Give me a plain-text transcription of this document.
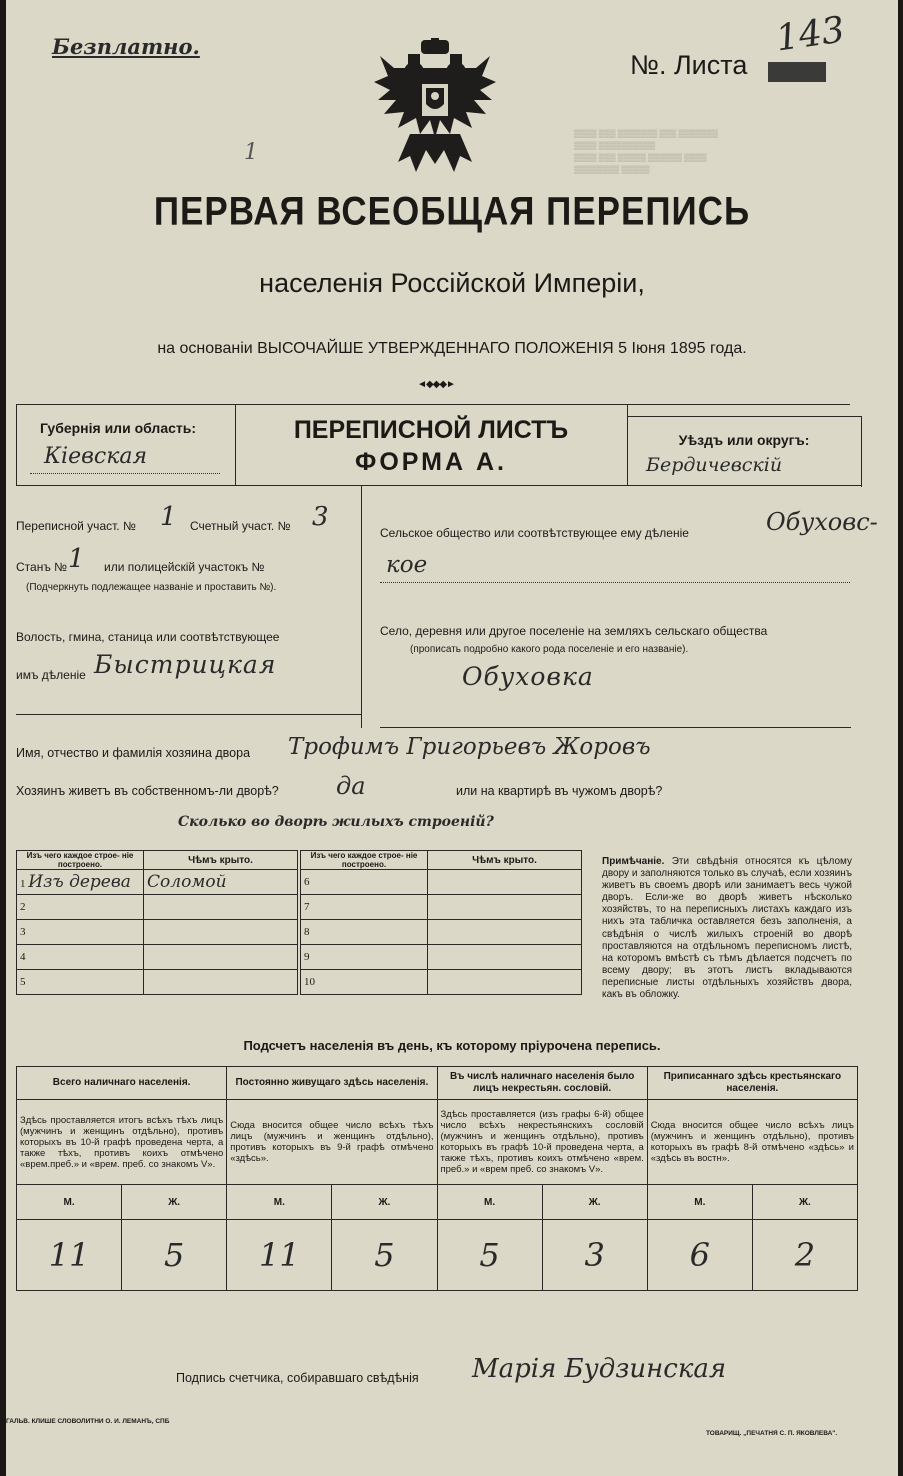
▒▒▒▒ ▒▒▒ ▒▒▒▒▒▒▒ ▒▒▒ ▒▒▒▒▒▒▒
▒▒▒▒ ▒▒▒▒▒▒▒▒▒▒
▒▒▒▒ ▒▒▒ ▒▒▒▒▒ ▒▒▒▒▒▒ ▒▒▒▒
▒▒▒▒▒▒▒▒ ▒▒▒▒▒
Безплатно.
№. Листа
143
1
ПЕРВАЯ ВСЕОБЩАЯ ПЕРЕПИСЬ
населенія Россійской Имперіи,
на основаніи ВЫСОЧАЙШЕ УТВЕРЖДЕННАГО ПОЛОЖЕНІЯ 5 Іюня 1895 года.
◄◆◆◆►
Губернія или область:
Кіевская
ПЕРЕПИСНОЙ ЛИСТЪ
ФОРМА А.
Уѣздъ или округъ:
Бердичевскій
Переписной участ. № 1 Счетный участ. № 3
Станъ № 1 или полицейскій участокъ №
(Подчеркнуть подлежащее названіе и проставить №).
Волость, гмина, станица или соотвѣтствующее
имъ дѣленіе Быстрицкая
Сельское общество или соотвѣтствующее ему дѣленіе	Обуховс-
кое
Село, деревня или другое поселеніе на земляхъ сельскаго общества
(прописать подробно какого рода поселеніе и его названіе).
Обуховка
Имя, отчество и фамилія хозяина двора Трофимъ Григорьевъ Жоровъ
Хозяинъ живетъ въ собственномъ-ли дворѣ? да	или на квартирѣ въ чужомъ дворѣ?
Сколько во дворѣ жилыхъ строеній?
Изъ чего каждое строе- ніе построено.	Чѣмъ крыто.
1 Изъ дерева	Соломой
2	
3	
4	
5	
Изъ чего каждое строе- ніе построено.	Чѣмъ крыто.
6	
7	
8	
9	
10	
Примѣчаніе. Эти свѣдѣнія относятся къ цѣлому двору и заполняются только въ случаѣ, если хозяинъ живетъ въ своемъ дворѣ или занимаетъ весь чужой дворъ. Если-же во дворѣ живетъ нѣсколько хозяйствъ, то на переписныхъ листахъ каждаго изъ нихъ эта табличка оставляется безъ заполненія, а свѣдѣнія о числѣ жилыхъ строеній во дворѣ проставляются на отдѣльномъ переписномъ листѣ, на которомъ вмѣстѣ съ тѣмъ дѣлается подсчетъ по всему двору; въ этотъ листъ вкладываются переписные листы отдѣльныхъ хозяйствъ двора, какъ въ обложку.
Подсчетъ населенія въ день, къ которому пріурочена перепись.
Всего наличнаго населенія.		Постоянно живущаго здѣсь населенія.		Въ числѣ наличнаго населенія было лицъ некрестьян. сословій.		Приписаннаго здѣсь крестьянскаго населенія.	
Здѣсь проставляется итогъ всѣхъ тѣхъ лицъ (мужчинъ и женщинъ отдѣльно), противъ которыхъ въ 10-й графѣ проведена черта, а также тѣхъ, противъ коихъ отмѣчено «врем.преб.» и «врем. преб. со знакомъ V».		Сюда вносится общее число всѣхъ тѣхъ лицъ (мужчинъ и женщинъ отдѣльно), противъ которыхъ въ 9-й графѣ отмѣчено «здѣсь».		Здѣсь проставляется (изъ графы 6-й) общее число всѣхъ некрестьянскихъ сословій (мужчинъ и женщинъ отдѣльно), противъ которыхъ въ графѣ 10-й проведена черта, а также тѣхъ, противъ коихъ отмѣчено «врем. преб.» и «врем преб. со знакомъ V».		Сюда вносится общее число всѣхъ лицъ (мужчинъ и женщинъ отдѣльно), противъ которыхъ въ графѣ 8-й отмѣчено «здѣсь» и «здѣсь въ востн».	
М.	Ж.	М.	Ж.	М.	Ж.	М.	Ж.
11	5	11	5	5	3	6	2
Подпись счетчика, собиравшаго свѣдѣнія Марія Будзинская
ГАЛЬВ. КЛИШЕ СЛОВОЛИТНИ О. И. ЛЕМАНЪ, СПБ
ТОВАРИЩ. „ПЕЧАТНЯ С. П. ЯКОВЛЕВА".
